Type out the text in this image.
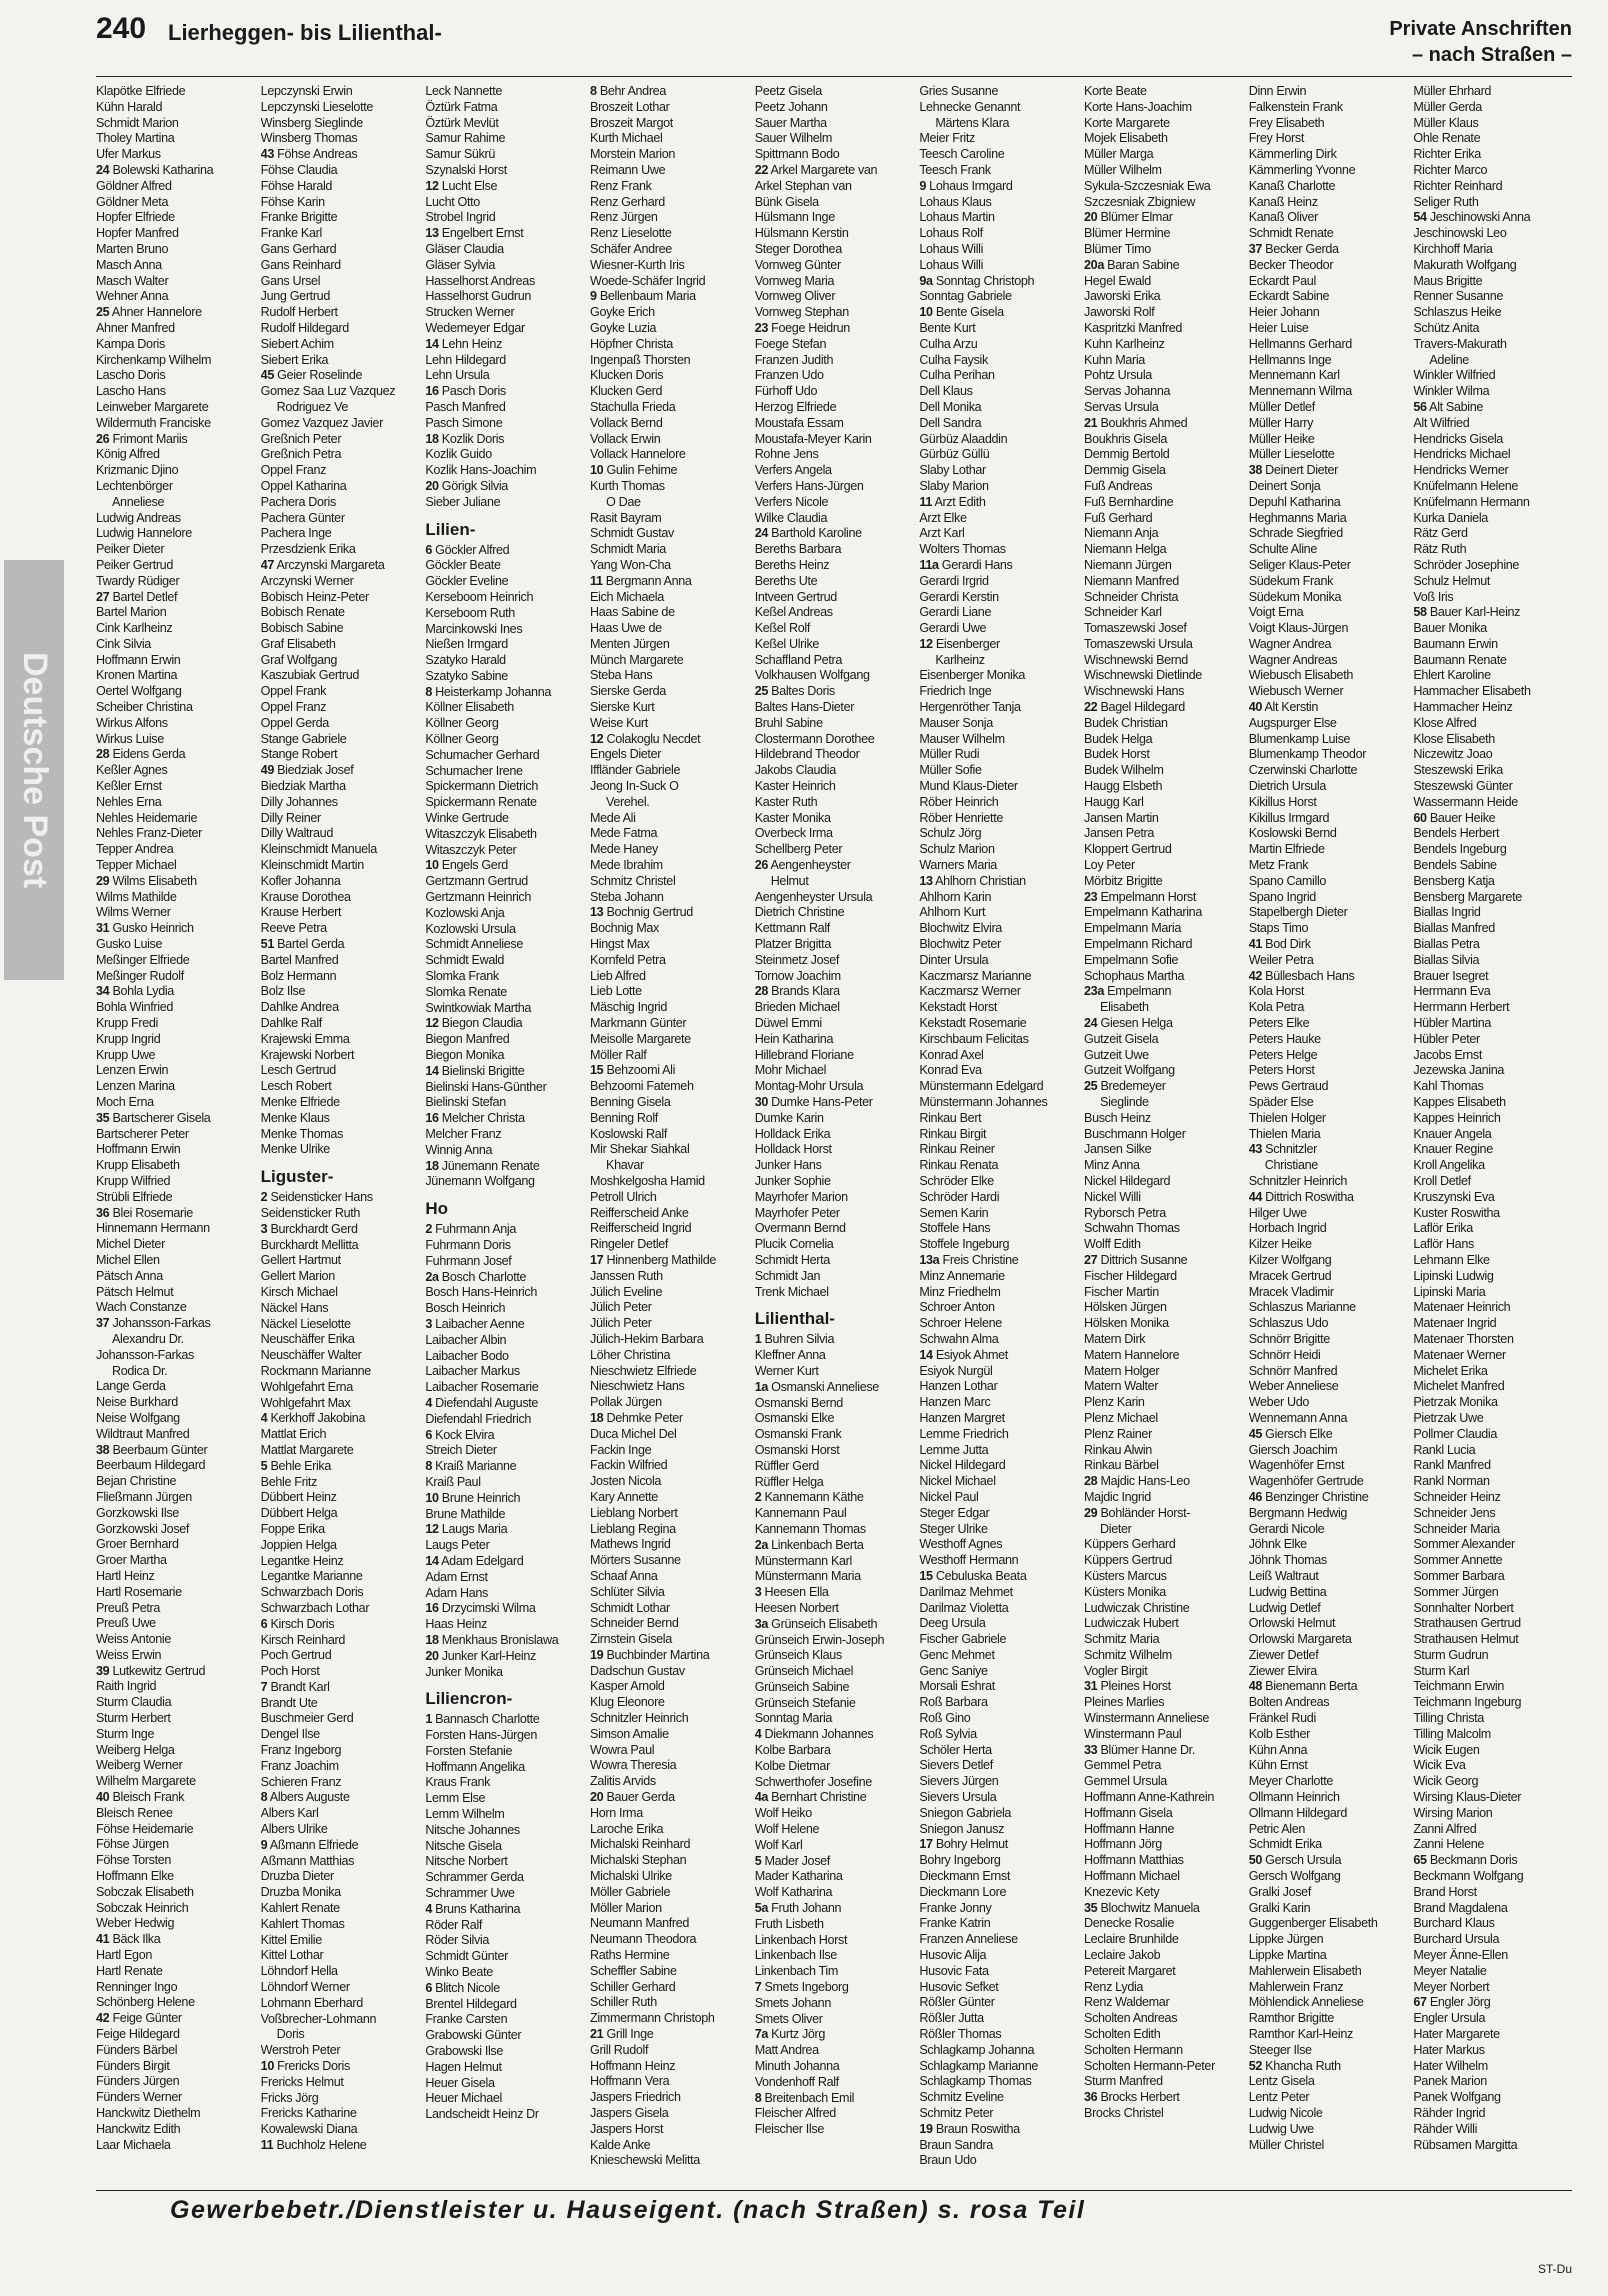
240 Lierheggen- bis Lilienthal-	Private Anschriften
– nach Straßen –
Deutsche Post
Klapötke Elfriede
Kühn Harald
Schmidt Marion
Tholey Martina
Ufer Markus
24 Bolewski Katharina
Göldner Alfred
Göldner Meta
Hopfer Elfriede
Hopfer Manfred
Marten Bruno
Masch Anna
Masch Walter
Wehner Anna
25 Ahner Hannelore
Ahner Manfred
Kampa Doris
Kirchenkamp Wilhelm
Lascho Doris
Lascho Hans
Leinweber Margarete
Wildermuth Franciske
26 Frimont Mariis
König Alfred
Krizmanic Djino
Lechtenbörger
Anneliese
Ludwig Andreas
Ludwig Hannelore
Peiker Dieter
Peiker Gertrud
Twardy Rüdiger
27 Bartel Detlef
Bartel Marion
Cink Karlheinz
Cink Silvia
Hoffmann Erwin
Kronen Martina
Oertel Wolfgang
Scheiber Christina
Wirkus Alfons
Wirkus Luise
28 Eidens Gerda
Keßler Agnes
Keßler Ernst
Nehles Erna
Nehles Heidemarie
Nehles Franz-Dieter
Tepper Andrea
Tepper Michael
29 Wilms Elisabeth
Wilms Mathilde
Wilms Werner
31 Gusko Heinrich
Gusko Luise
Meßinger Elfriede
Meßinger Rudolf
34 Bohla Lydia
Bohla Winfried
Krupp Fredi
Krupp Ingrid
Krupp Uwe
Lenzen Erwin
Lenzen Marina
Moch Erna
35 Bartscherer Gisela
Bartscherer Peter
Hoffmann Erwin
Krupp Elisabeth
Krupp Wilfried
Strübli Elfriede
36 Blei Rosemarie
Hinnemann Hermann
Michel Dieter
Michel Ellen
Pätsch Anna
Pätsch Helmut
Wach Constanze
37 Johansson-Farkas
Alexandru Dr.
Johansson-Farkas
Rodica Dr.
Lange Gerda
Neise Burkhard
Neise Wolfgang
Wildtraut Manfred
38 Beerbaum Günter
Beerbaum Hildegard
Bejan Christine
Fließmann Jürgen
Gorzkowski Ilse
Gorzkowski Josef
Groer Bernhard
Groer Martha
Hartl Heinz
Hartl Rosemarie
Preuß Petra
Preuß Uwe
Weiss Antonie
Weiss Erwin
39 Lutkewitz Gertrud
Raith Ingrid
Sturm Claudia
Sturm Herbert
Sturm Inge
Weiberg Helga
Weiberg Werner
Wilhelm Margarete
40 Bleisch Frank
Bleisch Renee
Föhse Heidemarie
Föhse Jürgen
Föhse Torsten
Hoffmann Elke
Sobczak Elisabeth
Sobczak Heinrich
Weber Hedwig
41 Bäck Ilka
Hartl Egon
Hartl Renate
Renninger Ingo
Schönberg Helene
42 Feige Günter
Feige Hildegard
Fünders Bärbel
Fünders Birgit
Fünders Jürgen
Fünders Werner
Hanckwitz Diethelm
Hanckwitz Edith
Laar Michaela
Lepczynski Erwin
Lepczynski Lieselotte
Winsberg Sieglinde
Winsberg Thomas
43 Föhse Andreas
Föhse Claudia
Föhse Harald
Föhse Karin
Franke Brigitte
Franke Karl
Gans Gerhard
Gans Reinhard
Gans Ursel
Jung Gertrud
Rudolf Herbert
Rudolf Hildegard
Siebert Achim
Siebert Erika
45 Geier Roselinde
Gomez Saa Luz Vazquez
Rodriguez Ve
Gomez Vazquez Javier
Greßnich Peter
Greßnich Petra
Oppel Franz
Oppel Katharina
Pachera Doris
Pachera Günter
Pachera Inge
Przesdzienk Erika
47 Arczynski Margareta
Arczynski Werner
Bobisch Heinz-Peter
Bobisch Renate
Bobisch Sabine
Graf Elisabeth
Graf Wolfgang
Kaszubiak Gertrud
Oppel Frank
Oppel Franz
Oppel Gerda
Stange Gabriele
Stange Robert
49 Biedziak Josef
Biedziak Martha
Dilly Johannes
Dilly Reiner
Dilly Waltraud
Kleinschmidt Manuela
Kleinschmidt Martin
Kofler Johanna
Krause Dorothea
Krause Herbert
Reeve Petra
51 Bartel Gerda
Bartel Manfred
Bolz Hermann
Bolz Ilse
Dahlke Andrea
Dahlke Ralf
Krajewski Emma
Krajewski Norbert
Lesch Gertrud
Lesch Robert
Menke Elfriede
Menke Klaus
Menke Thomas
Menke Ulrike
Liguster-
2 Seidensticker Hans
Seidensticker Ruth
3 Burckhardt Gerd
Burckhardt Mellitta
Gellert Hartmut
Gellert Marion
Kirsch Michael
Näckel Hans
Näckel Lieselotte
Neuschäffer Erika
Neuschäffer Walter
Rockmann Marianne
Wohlgefahrt Erna
Wohlgefahrt Max
4 Kerkhoff Jakobina
Mattlat Erich
Mattlat Margarete
5 Behle Erika
Behle Fritz
Dübbert Heinz
Dübbert Helga
Foppe Erika
Joppien Helga
Legantke Heinz
Legantke Marianne
Schwarzbach Doris
Schwarzbach Lothar
6 Kirsch Doris
Kirsch Reinhard
Poch Gertrud
Poch Horst
7 Brandt Karl
Brandt Ute
Buschmeier Gerd
Dengel Ilse
Franz Ingeborg
Franz Joachim
Schieren Franz
8 Albers Auguste
Albers Karl
Albers Ulrike
9 Aßmann Elfriede
Aßmann Matthias
Druzba Dieter
Druzba Monika
Kahlert Renate
Kahlert Thomas
Kittel Emilie
Kittel Lothar
Löhndorf Hella
Löhndorf Werner
Lohmann Eberhard
Voßbrecher-Lohmann
Doris
Werstroh Peter
10 Frericks Doris
Frericks Helmut
Fricks Jörg
Frericks Katharine
Kowalewski Diana
11 Buchholz Helene
Leck Nannette
Öztürk Fatma
Öztürk Mevlüt
Samur Rahime
Samur Sükrü
Szynalski Horst
12 Lucht Else
Lucht Otto
Strobel Ingrid
13 Engelbert Ernst
Gläser Claudia
Gläser Sylvia
Hasselhorst Andreas
Hasselhorst Gudrun
Strucken Werner
Wedemeyer Edgar
14 Lehn Heinz
Lehn Hildegard
Lehn Ursula
16 Pasch Doris
Pasch Manfred
Pasch Simone
18 Kozlik Doris
Kozlik Guido
Kozlik Hans-Joachim
20 Görigk Silvia
Sieber Juliane
Lilien-
6 Göckler Alfred
Göckler Beate
Göckler Eveline
Kerseboom Heinrich
Kerseboom Ruth
Marcinkowski Ines
Nießen Irmgard
Szatyko Harald
Szatyko Sabine
8 Heisterkamp Johanna
Köllner Elisabeth
Köllner Georg
Köllner Georg
Schumacher Gerhard
Schumacher Irene
Spickermann Dietrich
Spickermann Renate
Winke Gertrude
Witaszczyk Elisabeth
Witaszczyk Peter
10 Engels Gerd
Gertzmann Gertrud
Gertzmann Heinrich
Kozlowski Anja
Kozlowski Ursula
Schmidt Anneliese
Schmidt Ewald
Slomka Frank
Slomka Renate
Swintkowiak Martha
12 Biegon Claudia
Biegon Manfred
Biegon Monika
14 Bielinski Brigitte
Bielinski Hans-Günther
Bielinski Stefan
16 Melcher Christa
Melcher Franz
Winnig Anna
18 Jünemann Renate
Jünemann Wolfgang
Ho
2 Fuhrmann Anja
Fuhrmann Doris
Fuhrmann Josef
2a Bosch Charlotte
Bosch Hans-Heinrich
Bosch Heinrich
3 Laibacher Aenne
Laibacher Albin
Laibacher Bodo
Laibacher Markus
Laibacher Rosemarie
4 Diefendahl Auguste
Diefendahl Friedrich
6 Kock Elvira
Streich Dieter
8 Kraiß Marianne
Kraiß Paul
10 Brune Heinrich
Brune Mathilde
12 Laugs Maria
Laugs Peter
14 Adam Edelgard
Adam Ernst
Adam Hans
16 Drzycimski Wilma
Haas Heinz
18 Menkhaus Bronislawa
20 Junker Karl-Heinz
Junker Monika
Liliencron-
1 Bannasch Charlotte
Forsten Hans-Jürgen
Forsten Stefanie
Hoffmann Angelika
Kraus Frank
Lemm Else
Lemm Wilhelm
Nitsche Johannes
Nitsche Gisela
Nitsche Norbert
Schrammer Gerda
Schrammer Uwe
4 Bruns Katharina
Röder Ralf
Röder Silvia
Schmidt Günter
Winko Beate
6 Blitch Nicole
Brentel Hildegard
Franke Carsten
Grabowski Günter
Grabowski Ilse
Hagen Helmut
Heuer Gisela
Heuer Michael
Landscheidt Heinz Dr
8 Behr Andrea
Broszeit Lothar
Broszeit Margot
Kurth Michael
Morstein Marion
Reimann Uwe
Renz Frank
Renz Gerhard
Renz Jürgen
Renz Lieselotte
Schäfer Andree
Wiesner-Kurth Iris
Woede-Schäfer Ingrid
9 Bellenbaum Maria
Goyke Erich
Goyke Luzia
Höpfner Christa
Ingenpaß Thorsten
Klucken Doris
Klucken Gerd
Stachulla Frieda
Vollack Bernd
Vollack Erwin
Vollack Hannelore
10 Gulin Fehime
Kurth Thomas
O Dae
Rasit Bayram
Schmidt Gustav
Schmidt Maria
Yang Won-Cha
11 Bergmann Anna
Eich Michaela
Haas Sabine de
Haas Uwe de
Menten Jürgen
Münch Margarete
Steba Hans
Sierske Gerda
Sierske Kurt
Weise Kurt
12 Colakoglu Necdet
Engels Dieter
Iffländer Gabriele
Jeong In-Suck O
Verehel.
Mede Ali
Mede Fatma
Mede Haney
Mede Ibrahim
Schmitz Christel
Steba Johann
13 Bochnig Gertrud
Bochnig Max
Hingst Max
Kornfeld Petra
Lieb Alfred
Lieb Lotte
Mäschig Ingrid
Markmann Günter
Meisolle Margarete
Möller Ralf
15 Behzoomi Ali
Behzoomi Fatemeh
Benning Gisela
Benning Rolf
Koslowski Ralf
Mir Shekar Siahkal
Khavar
Moshkelgosha Hamid
Petroll Ulrich
Reifferscheid Anke
Reifferscheid Ingrid
Ringeler Detlef
17 Hinnenberg Mathilde
Janssen Ruth
Jülich Eveline
Jülich Peter
Jülich Peter
Jülich-Hekim Barbara
Löher Christina
Nieschwietz Elfriede
Nieschwietz Hans
Pollak Jürgen
18 Dehmke Peter
Duca Michel Del
Fackin Inge
Fackin Wilfried
Josten Nicola
Kary Annette
Lieblang Norbert
Lieblang Regina
Mathews Ingrid
Mörters Susanne
Schaaf Anna
Schlüter Silvia
Schmidt Lothar
Schneider Bernd
Zirnstein Gisela
19 Buchbinder Martina
Dadschun Gustav
Kasper Arnold
Klug Eleonore
Schnitzler Heinrich
Simson Amalie
Wowra Paul
Wowra Theresia
Zalitis Arvids
20 Bauer Gerda
Horn Irma
Laroche Erika
Michalski Reinhard
Michalski Stephan
Michalski Ulrike
Möller Gabriele
Möller Marion
Neumann Manfred
Neumann Theodora
Raths Hermine
Scheffler Sabine
Schiller Gerhard
Schiller Ruth
Zimmermann Christoph
21 Grill Inge
Grill Rudolf
Hoffmann Heinz
Hoffmann Vera
Jaspers Friedrich
Jaspers Gisela
Jaspers Horst
Kalde Anke
Knieschewski Melitta
Peetz Gisela
Peetz Johann
Sauer Martha
Sauer Wilhelm
Spittmann Bodo
22 Arkel Margarete van
Arkel Stephan van
Bünk Gisela
Hülsmann Inge
Hülsmann Kerstin
Steger Dorothea
Vornweg Günter
Vornweg Maria
Vornweg Oliver
Vornweg Stephan
23 Foege Heidrun
Foege Stefan
Franzen Judith
Franzen Udo
Fürhoff Udo
Herzog Elfriede
Moustafa Essam
Moustafa-Meyer Karin
Rohne Jens
Verfers Angela
Verfers Hans-Jürgen
Verfers Nicole
Wilke Claudia
24 Barthold Karoline
Bereths Barbara
Bereths Heinz
Bereths Ute
Intveen Gertrud
Keßel Andreas
Keßel Rolf
Keßel Ulrike
Schaffland Petra
Volkhausen Wolfgang
25 Baltes Doris
Baltes Hans-Dieter
Bruhl Sabine
Clostermann Dorothee
Hildebrand Theodor
Jakobs Claudia
Kaster Heinrich
Kaster Ruth
Kaster Monika
Overbeck Irma
Schellberg Peter
26 Aengenheyster
Helmut
Aengenheyster Ursula
Dietrich Christine
Kettmann Ralf
Platzer Brigitta
Steinmetz Josef
Tornow Joachim
28 Brands Klara
Brieden Michael
Düwel Emmi
Hein Katharina
Hillebrand Floriane
Mohr Michael
Montag-Mohr Ursula
30 Dumke Hans-Peter
Dumke Karin
Holldack Erika
Holldack Horst
Junker Hans
Junker Sophie
Mayrhofer Marion
Mayrhofer Peter
Overmann Bernd
Plucik Cornelia
Schmidt Herta
Schmidt Jan
Trenk Michael
Lilienthal-
1 Buhren Silvia
Kleffner Anna
Werner Kurt
1a Osmanski Anneliese
Osmanski Bernd
Osmanski Elke
Osmanski Frank
Osmanski Horst
Rüffler Gerd
Rüffler Helga
2 Kannemann Käthe
Kannemann Paul
Kannemann Thomas
2a Linkenbach Berta
Münstermann Karl
Münstermann Maria
3 Heesen Ella
Heesen Norbert
3a Grünseich Elisabeth
Grünseich Erwin-Joseph
Grünseich Klaus
Grünseich Michael
Grünseich Sabine
Grünseich Stefanie
Sonntag Maria
4 Diekmann Johannes
Kolbe Barbara
Kolbe Dietmar
Schwerthofer Josefine
4a Bernhart Christine
Wolf Heiko
Wolf Helene
Wolf Karl
5 Mader Josef
Mader Katharina
Wolf Katharina
5a Fruth Johann
Fruth Lisbeth
Linkenbach Horst
Linkenbach Ilse
Linkenbach Tim
7 Smets Ingeborg
Smets Johann
Smets Oliver
7a Kurtz Jörg
Matt Andrea
Minuth Johanna
Vondenhoff Ralf
8 Breitenbach Emil
Fleischer Alfred
Fleischer Ilse
Gries Susanne
Lehnecke Genannt
Märtens Klara
Meier Fritz
Teesch Caroline
Teesch Frank
9 Lohaus Irmgard
Lohaus Klaus
Lohaus Martin
Lohaus Rolf
Lohaus Willi
Lohaus Willi
9a Sonntag Christoph
Sonntag Gabriele
10 Bente Gisela
Bente Kurt
Culha Arzu
Culha Faysik
Culha Perihan
Dell Klaus
Dell Monika
Dell Sandra
Gürbüz Alaaddin
Gürbüz Güllü
Slaby Lothar
Slaby Marion
11 Arzt Edith
Arzt Elke
Arzt Karl
Wolters Thomas
11a Gerardi Hans
Gerardi Irgrid
Gerardi Kerstin
Gerardi Liane
Gerardi Uwe
12 Eisenberger
Karlheinz
Eisenberger Monika
Friedrich Inge
Hergenröther Tanja
Mauser Sonja
Mauser Wilhelm
Müller Rudi
Müller Sofie
Mund Klaus-Dieter
Röber Heinrich
Röber Henriette
Schulz Jörg
Schulz Marion
Warners Maria
13 Ahlhorn Christian
Ahlhorn Karin
Ahlhorn Kurt
Blochwitz Elvira
Blochwitz Peter
Dinter Ursula
Kaczmarsz Marianne
Kaczmarsz Werner
Kekstadt Horst
Kekstadt Rosemarie
Kirschbaum Felicitas
Konrad Axel
Konrad Eva
Münstermann Edelgard
Münstermann Johannes
Rinkau Bert
Rinkau Birgit
Rinkau Reiner
Rinkau Renata
Schröder Elke
Schröder Hardi
Semen Karin
Stoffele Hans
Stoffele Ingeburg
13a Freis Christine
Minz Annemarie
Minz Friedhelm
Schroer Anton
Schroer Helene
Schwahn Alma
14 Esiyok Ahmet
Esiyok Nurgül
Hanzen Lothar
Hanzen Marc
Hanzen Margret
Lemme Friedrich
Lemme Jutta
Nickel Hildegard
Nickel Michael
Nickel Paul
Steger Edgar
Steger Ulrike
Westhoff Agnes
Westhoff Hermann
15 Cebuluska Beata
Darilmaz Mehmet
Darilmaz Violetta
Deeg Ursula
Fischer Gabriele
Genc Mehmet
Genc Saniye
Morsali Eshrat
Roß Barbara
Roß Gino
Roß Sylvia
Schöler Herta
Sievers Detlef
Sievers Jürgen
Sievers Ursula
Sniegon Gabriela
Sniegon Janusz
17 Bohry Helmut
Bohry Ingeborg
Dieckmann Ernst
Dieckmann Lore
Franke Jonny
Franke Katrin
Franzen Anneliese
Husovic Alija
Husovic Fata
Husovic Sefket
Rößler Günter
Rößler Jutta
Rößler Thomas
Schlagkamp Johanna
Schlagkamp Marianne
Schlagkamp Thomas
Schmitz Eveline
Schmitz Peter
19 Braun Roswitha
Braun Sandra
Braun Udo
Korte Beate
Korte Hans-Joachim
Korte Margarete
Mojek Elisabeth
Müller Marga
Müller Wilhelm
Sykula-Szczesniak Ewa
Szczesniak Zbigniew
20 Blümer Elmar
Blümer Hermine
Blümer Timo
20a Baran Sabine
Hegel Ewald
Jaworski Erika
Jaworski Rolf
Kaspritzki Manfred
Kuhn Karlheinz
Kuhn Maria
Pohtz Ursula
Servas Johanna
Servas Ursula
21 Boukhris Ahmed
Boukhris Gisela
Demmig Bertold
Demmig Gisela
Fuß Andreas
Fuß Bernhardine
Fuß Gerhard
Niemann Anja
Niemann Helga
Niemann Jürgen
Niemann Manfred
Schneider Christa
Schneider Karl
Tomaszewski Josef
Tomaszewski Ursula
Wischnewski Bernd
Wischnewski Dietlinde
Wischnewski Hans
22 Bagel Hildegard
Budek Christian
Budek Helga
Budek Horst
Budek Wilhelm
Haugg Elsbeth
Haugg Karl
Jansen Martin
Jansen Petra
Kloppert Gertrud
Loy Peter
Mörbitz Brigitte
23 Empelmann Horst
Empelmann Katharina
Empelmann Maria
Empelmann Richard
Empelmann Sofie
Schophaus Martha
23a Empelmann
Elisabeth
24 Giesen Helga
Gutzeit Gisela
Gutzeit Uwe
Gutzeit Wolfgang
25 Bredemeyer
Sieglinde
Busch Heinz
Buschmann Holger
Jansen Silke
Minz Anna
Nickel Hildegard
Nickel Willi
Ryborsch Petra
Schwahn Thomas
Wolff Edith
27 Dittrich Susanne
Fischer Hildegard
Fischer Martin
Hölsken Jürgen
Hölsken Monika
Matern Dirk
Matern Hannelore
Matern Holger
Matern Walter
Plenz Karin
Plenz Michael
Plenz Rainer
Rinkau Alwin
Rinkau Bärbel
28 Majdic Hans-Leo
Majdic Ingrid
29 Bohländer Horst-
Dieter
Küppers Gerhard
Küppers Gertrud
Küsters Marcus
Küsters Monika
Ludwiczak Christine
Ludwiczak Hubert
Schmitz Maria
Schmitz Wilhelm
Vogler Birgit
31 Pleines Horst
Pleines Marlies
Winstermann Anneliese
Winstermann Paul
33 Blümer Hanne Dr.
Gemmel Petra
Gemmel Ursula
Hoffmann Anne-Kathrein
Hoffmann Gisela
Hoffmann Hanne
Hoffmann Jörg
Hoffmann Matthias
Hoffmann Michael
Knezevic Kety
35 Blochwitz Manuela
Denecke Rosalie
Leclaire Brunhilde
Leclaire Jakob
Petereit Margaret
Renz Lydia
Renz Waldemar
Scholten Andreas
Scholten Edith
Scholten Hermann
Scholten Hermann-Peter
Sturm Manfred
36 Brocks Herbert
Brocks Christel
Dinn Erwin
Falkenstein Frank
Frey Elisabeth
Frey Horst
Kämmerling Dirk
Kämmerling Yvonne
Kanaß Charlotte
Kanaß Heinz
Kanaß Oliver
Schmidt Renate
37 Becker Gerda
Becker Theodor
Eckardt Paul
Eckardt Sabine
Heier Johann
Heier Luise
Hellmanns Gerhard
Hellmanns Inge
Mennemann Karl
Mennemann Wilma
Müller Detlef
Müller Harry
Müller Heike
Müller Lieselotte
38 Deinert Dieter
Deinert Sonja
Depuhl Katharina
Heghmanns Maria
Schrade Siegfried
Schulte Aline
Seliger Klaus-Peter
Südekum Frank
Südekum Monika
Voigt Erna
Voigt Klaus-Jürgen
Wagner Andrea
Wagner Andreas
Wiebusch Elisabeth
Wiebusch Werner
40 Alt Kerstin
Augspurger Else
Blumenkamp Luise
Blumenkamp Theodor
Czerwinski Charlotte
Dietrich Ursula
Kikillus Horst
Kikillus Irmgard
Koslowski Bernd
Martin Elfriede
Metz Frank
Spano Camillo
Spano Ingrid
Stapelbergh Dieter
Staps Timo
41 Bod Dirk
Weiler Petra
42 Büllesbach Hans
Kola Horst
Kola Petra
Peters Elke
Peters Hauke
Peters Helge
Peters Horst
Pews Gertraud
Späder Else
Thielen Holger
Thielen Maria
43 Schnitzler
Christiane
Schnitzler Heinrich
44 Dittrich Roswitha
Hilger Uwe
Horbach Ingrid
Kilzer Heike
Kilzer Wolfgang
Mracek Gertrud
Mracek Vladimir
Schlaszus Marianne
Schlaszus Udo
Schnörr Brigitte
Schnörr Heidi
Schnörr Manfred
Weber Anneliese
Weber Udo
Wennemann Anna
45 Giersch Elke
Giersch Joachim
Wagenhöfer Ernst
Wagenhöfer Gertrude
46 Benzinger Christine
Bergmann Hedwig
Gerardi Nicole
Jöhnk Elke
Jöhnk Thomas
Leiß Waltraut
Ludwig Bettina
Ludwig Detlef
Orlowski Helmut
Orlowski Margareta
Ziewer Detlef
Ziewer Elvira
48 Bienemann Berta
Bolten Andreas
Fränkel Rudi
Kolb Esther
Kühn Anna
Kühn Ernst
Meyer Charlotte
Ollmann Heinrich
Ollmann Hildegard
Petric Alen
Schmidt Erika
50 Gersch Ursula
Gersch Wolfgang
Gralki Josef
Gralki Karin
Guggenberger Elisabeth
Lippke Jürgen
Lippke Martina
Mahlerwein Elisabeth
Mahlerwein Franz
Möhlendick Anneliese
Ramthor Brigitte
Ramthor Karl-Heinz
Steeger Ilse
52 Khancha Ruth
Lentz Gisela
Lentz Peter
Ludwig Nicole
Ludwig Uwe
Müller Christel
Müller Ehrhard
Müller Gerda
Müller Klaus
Ohle Renate
Richter Erika
Richter Marco
Richter Reinhard
Seliger Ruth
54 Jeschinowski Anna
Jeschinowski Leo
Kirchhoff Maria
Makurath Wolfgang
Maus Brigitte
Renner Susanne
Schlaszus Heike
Schütz Anita
Travers-Makurath
Adeline
Winkler Wilfried
Winkler Wilma
56 Alt Sabine
Alt Wilfried
Hendricks Gisela
Hendricks Michael
Hendricks Werner
Knüfelmann Helene
Knüfelmann Hermann
Kurka Daniela
Rätz Gerd
Rätz Ruth
Schröder Josephine
Schulz Helmut
Voß Iris
58 Bauer Karl-Heinz
Bauer Monika
Baumann Erwin
Baumann Renate
Ehlert Karoline
Hammacher Elisabeth
Hammacher Heinz
Klose Alfred
Klose Elisabeth
Niczewitz Joao
Steszewski Erika
Steszewski Günter
Wassermann Heide
60 Bauer Heike
Bendels Herbert
Bendels Ingeburg
Bendels Sabine
Bensberg Katja
Bensberg Margarete
Biallas Ingrid
Biallas Manfred
Biallas Petra
Biallas Silvia
Brauer Isegret
Herrmann Eva
Herrmann Herbert
Hübler Martina
Hübler Peter
Jacobs Ernst
Jezewska Janina
Kahl Thomas
Kappes Elisabeth
Kappes Heinrich
Knauer Angela
Knauer Regine
Kroll Angelika
Kroll Detlef
Kruszynski Eva
Kuster Roswitha
Laflör Erika
Laflör Hans
Lehmann Elke
Lipinski Ludwig
Lipinski Maria
Matenaer Heinrich
Matenaer Ingrid
Matenaer Thorsten
Matenaer Werner
Michelet Erika
Michelet Manfred
Pietrzak Monika
Pietrzak Uwe
Pollmer Claudia
Rankl Lucia
Rankl Manfred
Rankl Norman
Schneider Heinz
Schneider Jens
Schneider Maria
Sommer Alexander
Sommer Annette
Sommer Barbara
Sommer Jürgen
Sonnhalter Norbert
Strathausen Gertrud
Strathausen Helmut
Sturm Gudrun
Sturm Karl
Teichmann Erwin
Teichmann Ingeburg
Tilling Christa
Tilling Malcolm
Wicik Eugen
Wicik Eva
Wicik Georg
Wirsing Klaus-Dieter
Wirsing Marion
Zanni Alfred
Zanni Helene
65 Beckmann Doris
Beckmann Wolfgang
Brand Horst
Brand Magdalena
Burchard Klaus
Burchard Ursula
Meyer Änne-Ellen
Meyer Natalie
Meyer Norbert
67 Engler Jörg
Engler Ursula
Hater Margarete
Hater Markus
Hater Wilhelm
Panek Marion
Panek Wolfgang
Rähder Ingrid
Rähder Willi
Rübsamen Margitta
Gewerbebetr./Dienstleister u. Hauseigent. (nach Straßen) s. rosa Teil
ST-Du
